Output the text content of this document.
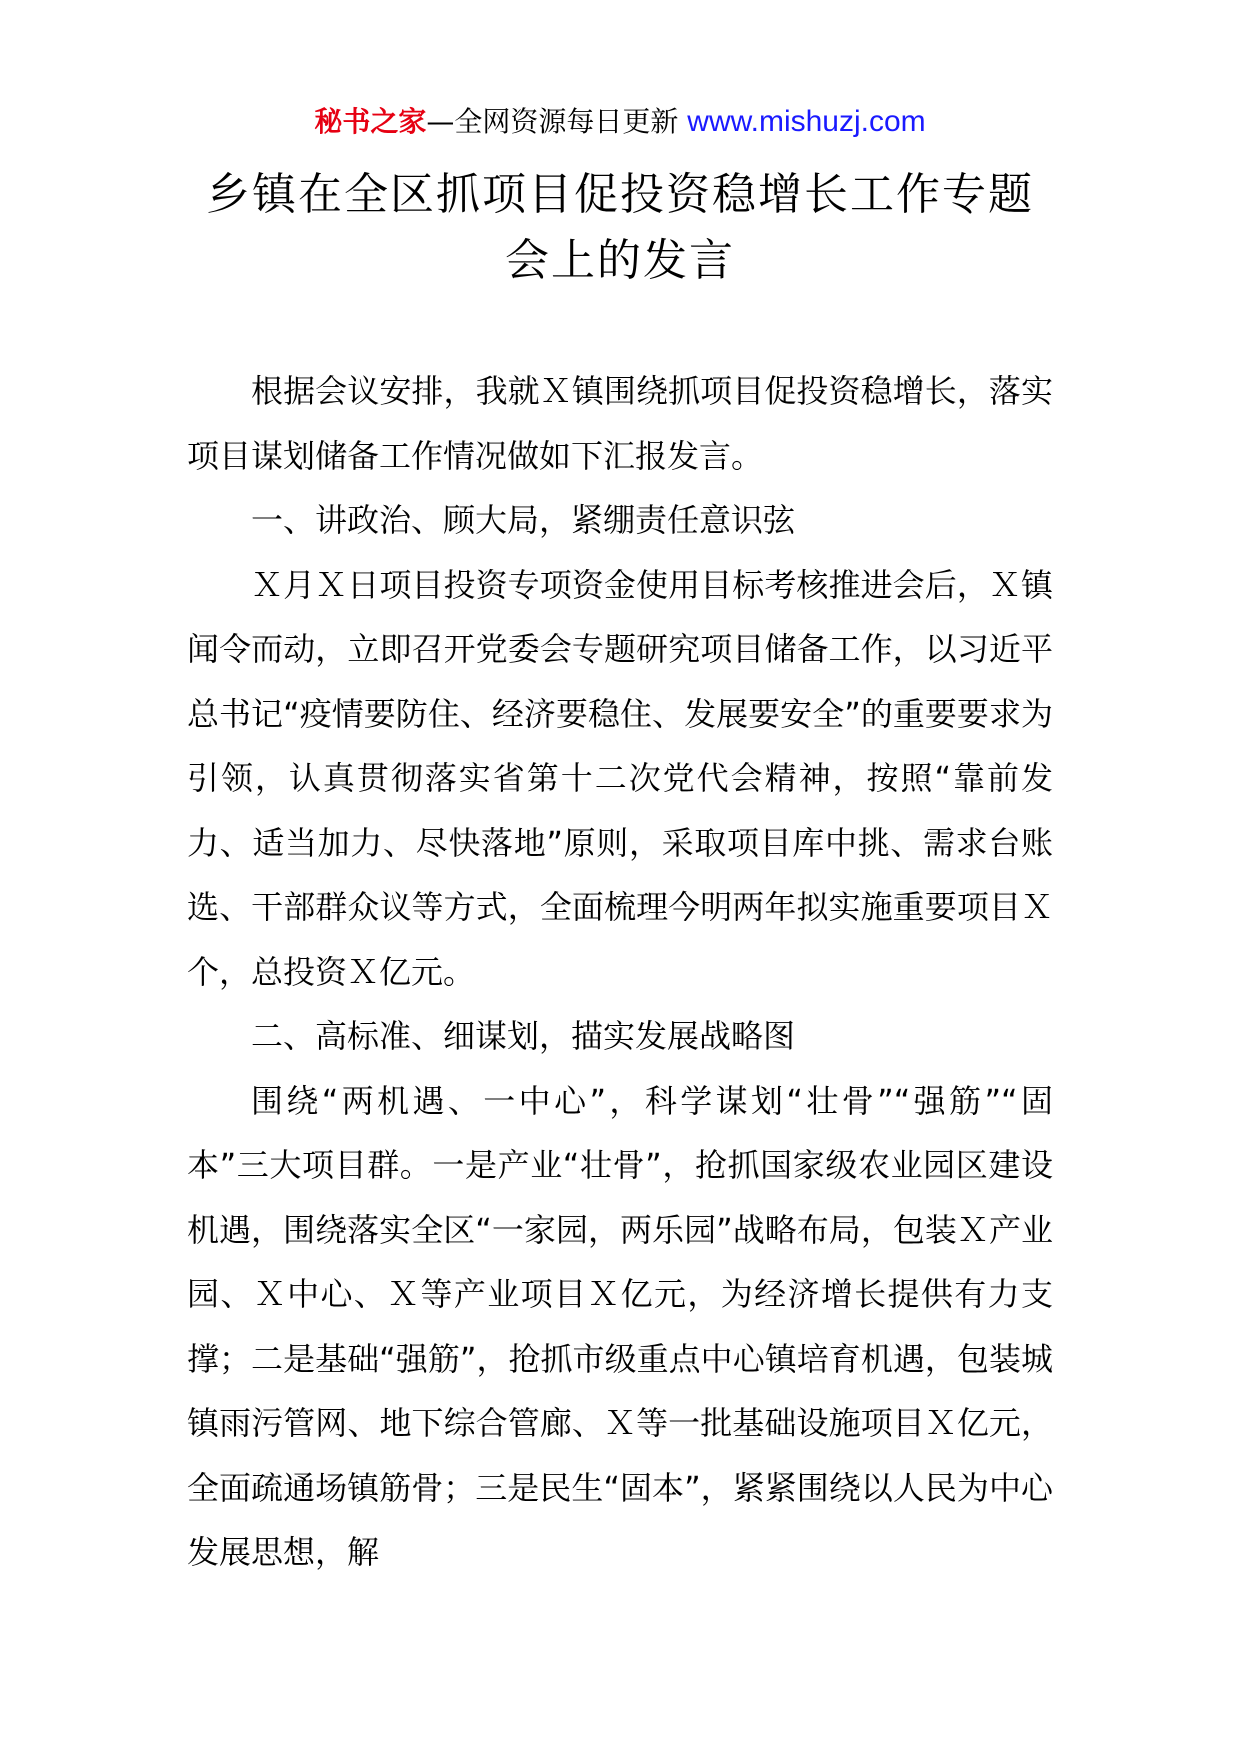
秘书之家—全网资源每日更新 www.mishuzj.com
乡镇在全区抓项目促投资稳增长工作专题
会上的发言

根据会议安排，我就Ｘ镇围绕抓项目促投资稳增长，落实项目谋划储备工作情况做如下汇报发言。

一、讲政治、顾大局，紧绷责任意识弦

Ｘ月Ｘ日项目投资专项资金使用目标考核推进会后，Ｘ镇闻令而动，立即召开党委会专题研究项目储备工作，以习近平总书记“疫情要防住、经济要稳住、发展要安全”的重要要求为引领，认真贯彻落实省第十二次党代会精神，按照“靠前发力、适当加力、尽快落地”原则，采取项目库中挑、需求台账选、干部群众议等方式，全面梳理今明两年拟实施重要项目Ｘ个，总投资Ｘ亿元。

二、高标准、细谋划，描实发展战略图

围绕“两机遇、一中心”，科学谋划“壮骨”“强筋”“固本”三大项目群。一是产业“壮骨”，抢抓国家级农业园区建设机遇，围绕落实全区“一家园，两乐园”战略布局，包装Ｘ产业园、Ｘ中心、Ｘ等产业项目Ｘ亿元，为经济增长提供有力支撑；二是基础“强筋”，抢抓市级重点中心镇培育机遇，包装城镇雨污管网、地下综合管廊、Ｘ等一批基础设施项目Ｘ亿元，全面疏通场镇筋骨；三是民生“固本”，紧紧围绕以人民为中心发展思想，解
